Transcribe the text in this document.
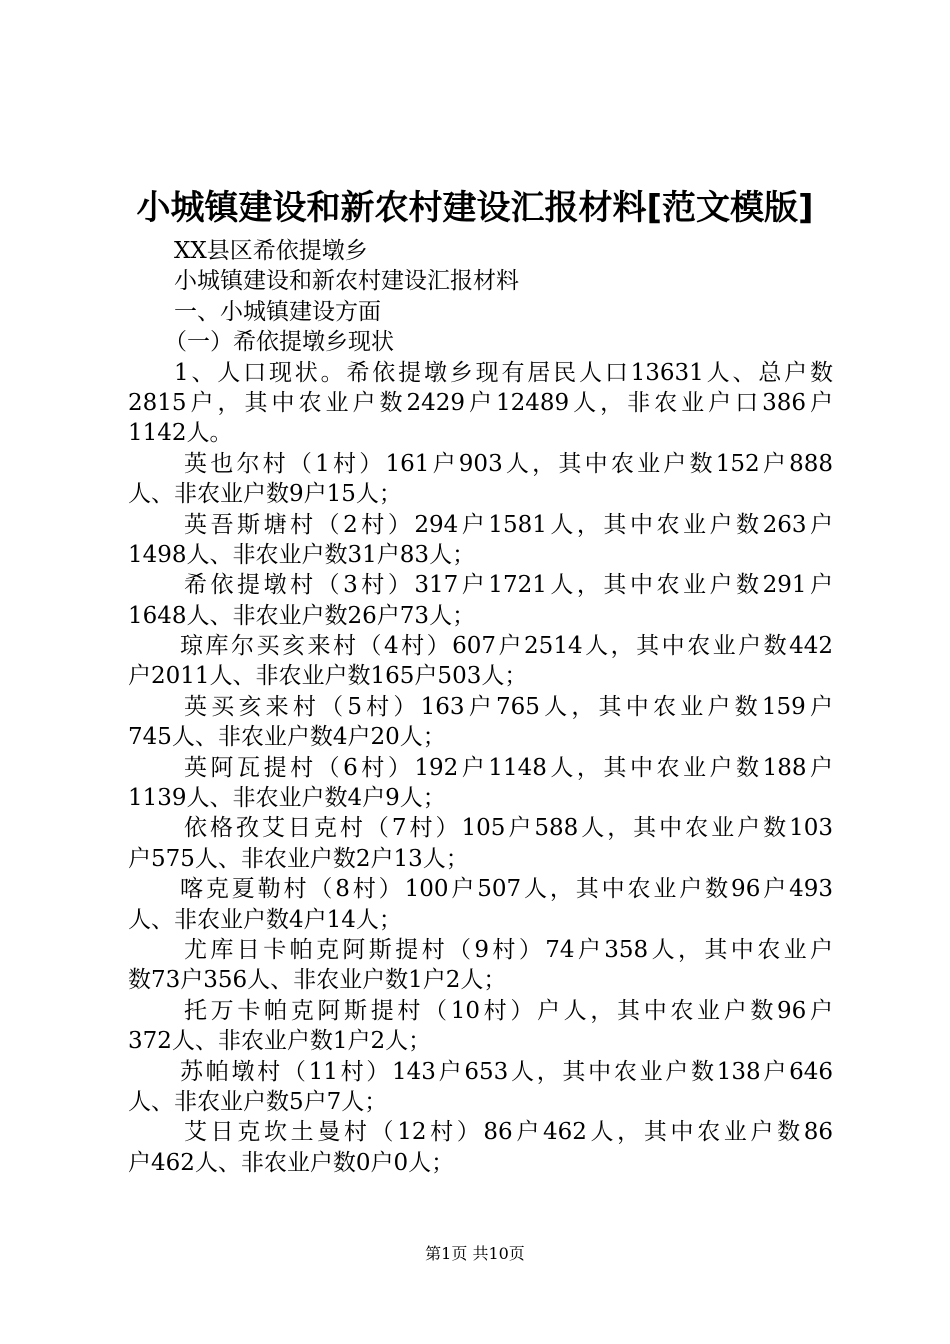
小城镇建设和新农村建设汇报材料[范文模版]
XX县区希依提墩乡
小城镇建设和新农村建设汇报材料
一、小城镇建设方面
（一）希依提墩乡现状
1、人口现状。希依提墩乡现有居民人口13631人、总户数
2815户，其中农业户数2429户12489人，非农业户口386户
1142人。
英也尔村（1村）161户903人，其中农业户数152户888
人、非农业户数9户15人；
英吾斯塘村（2村）294户1581人，其中农业户数263户
1498人、非农业户数31户83人；
希依提墩村（3村）317户1721人，其中农业户数291户
1648人、非农业户数26户73人；
琼库尔买亥来村（4村）607户2514人，其中农业户数442
户2011人、非农业户数165户503人；
英买亥来村（5村）163户765人，其中农业户数159户
745人、非农业户数4户20人；
英阿瓦提村（6村）192户1148人，其中农业户数188户
1139人、非农业户数4户9人；
依格孜艾日克村（7村）105户588人，其中农业户数103
户575人、非农业户数2户13人；
喀克夏勒村（8村）100户507人，其中农业户数96户493
人、非农业户数4户14人；
尤库日卡帕克阿斯提村（9村）74户358人，其中农业户
数73户356人、非农业户数1户2人；
托万卡帕克阿斯提村（10村）户人，其中农业户数96户
372人、非农业户数1户2人；
苏帕墩村（11村）143户653人，其中农业户数138户646
人、非农业户数5户7人；
艾日克坎土曼村（12村）86户462人，其中农业户数86
户462人、非农业户数0户0人；
第1页 共10页
